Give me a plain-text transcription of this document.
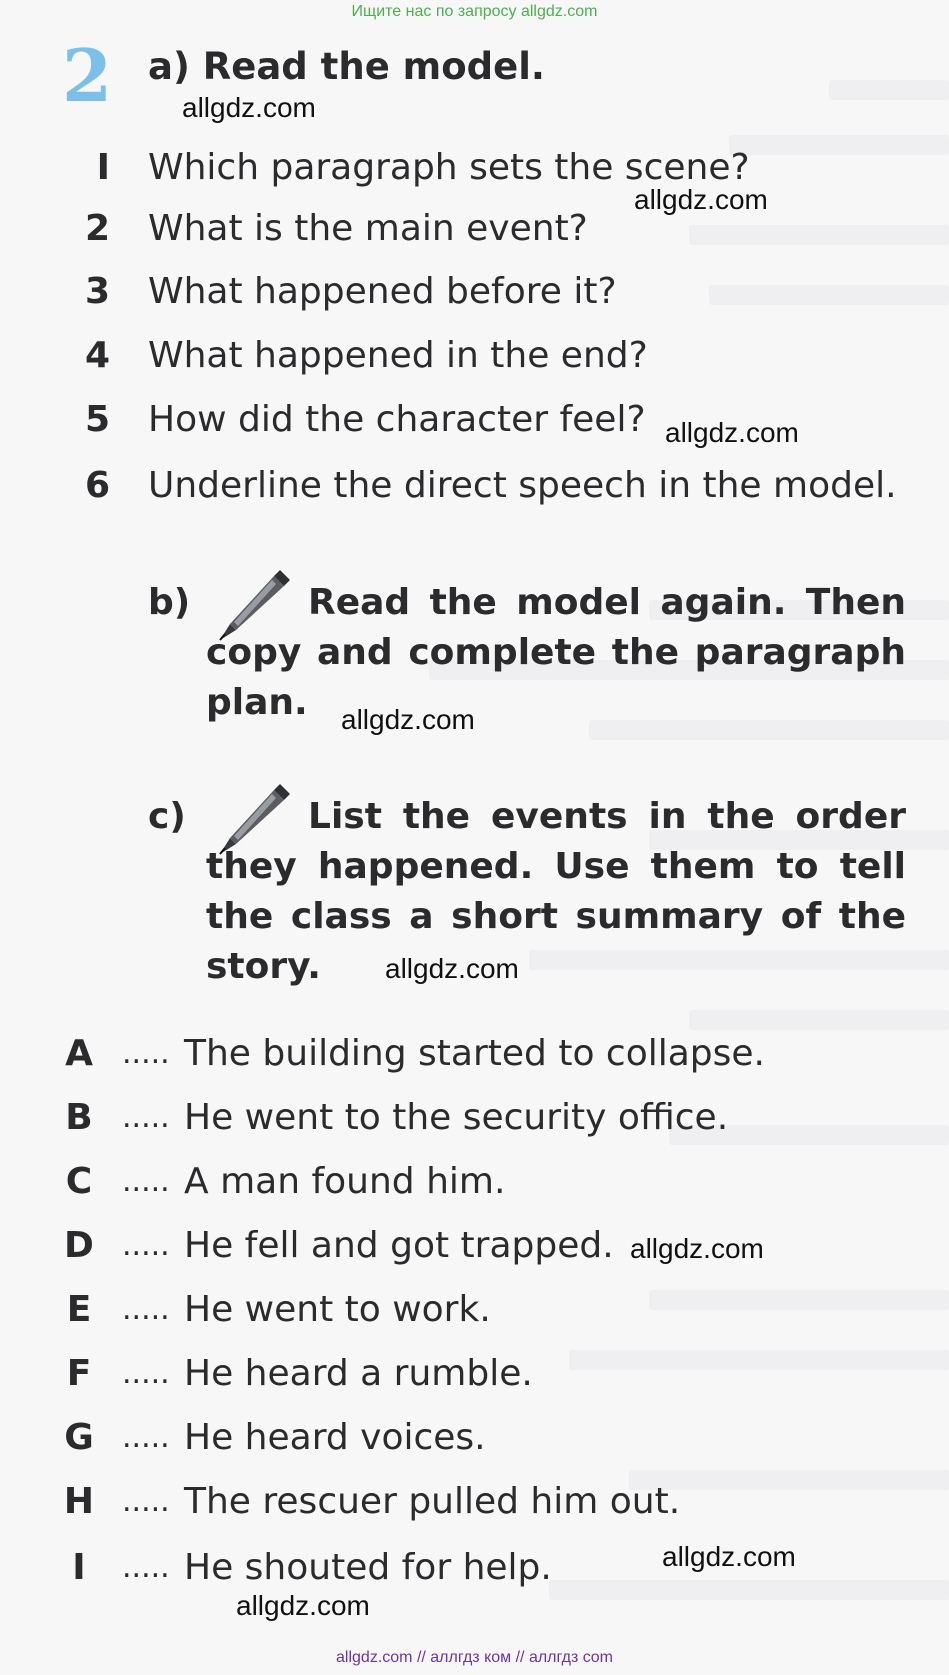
Ищите нас по запросу allgdz.com
2 a) Read the model.
I Which paragraph sets the scene?
2 What is the main event?
3 What happened before it?
4 What happened in the end?
5 How did the character feel?
6 Underline the direct speech in the model.
b)	Read the model again. Then copy and complete the paragraph plan.
c)	List the events in the order they happened. Use them to tell the class a short summary of the story.
A ..... The building started to collapse.
B ..... He went to the security office.
C ..... A man found him.
D ..... He fell and got trapped.
E	..... He went to work.
F	..... He heard a rumble.
G ..... He heard voices.
H ..... The rescuer pulled him out.
I	..... He shouted for help.
allgdz.com
allgdz.com
allgdz.com
allgdz.com
allgdz.com
allgdz.com
allgdz.com
allgdz.com
allgdz.com // аллгдз ком // аллгдз com
